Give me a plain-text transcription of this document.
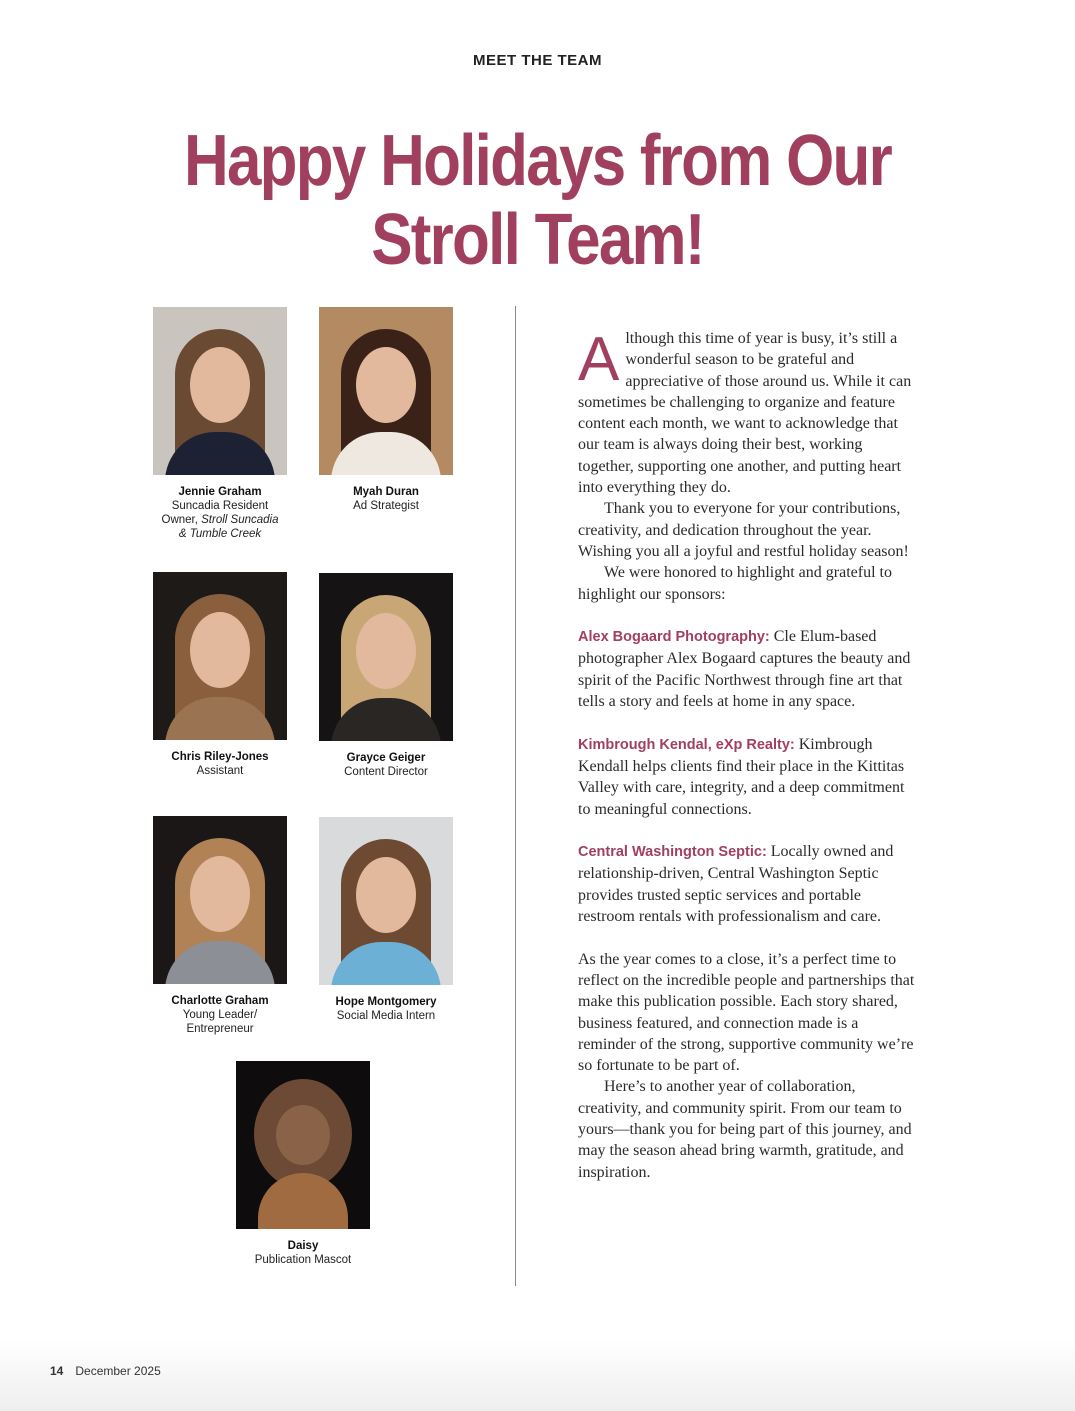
MEET THE TEAM
Happy Holidays from Our
Stroll Team!
Jennie Graham
Suncadia Resident
Owner, Stroll Suncadia
& Tumble Creek
Myah Duran
Ad Strategist
Chris Riley-Jones
Assistant
Grayce Geiger
Content Director
Charlotte Graham
Young Leader/
Entrepreneur
Hope Montgomery
Social Media Intern
Daisy
Publication Mascot

Although this time of year is busy, it’s still a wonderful season to be grateful and appreciative of those around us. While it can sometimes be challenging to organize and feature content each month, we want to acknowledge that our team is always doing their best, working together, supporting one another, and putting heart into everything they do.

Thank you to everyone for your contributions, creativity, and dedication throughout the year. Wishing you all a joyful and restful holiday season!

We were honored to highlight and grateful to highlight our sponsors:

Alex Bogaard Photography: Cle Elum-based photographer Alex Bogaard captures the beauty and spirit of the Pacific Northwest through fine art that tells a story and feels at home in any space.

Kimbrough Kendal, eXp Realty: Kimbrough Kendall helps clients find their place in the Kittitas Valley with care, integrity, and a deep commitment to meaningful connections.

Central Washington Septic: Locally owned and relationship-driven, Central Washington Septic provides trusted septic services and portable restroom rentals with professionalism and care.

As the year comes to a close, it’s a perfect time to reflect on the incredible people and partnerships that make this publication possible. Each story shared, business featured, and connection made is a reminder of the strong, supportive community we’re so fortunate to be part of.

Here’s to another year of collaboration, creativity, and community spirit. From our team to yours—thank you for being part of this journey, and may the season ahead bring warmth, gratitude, and inspiration.

14 December 2025
